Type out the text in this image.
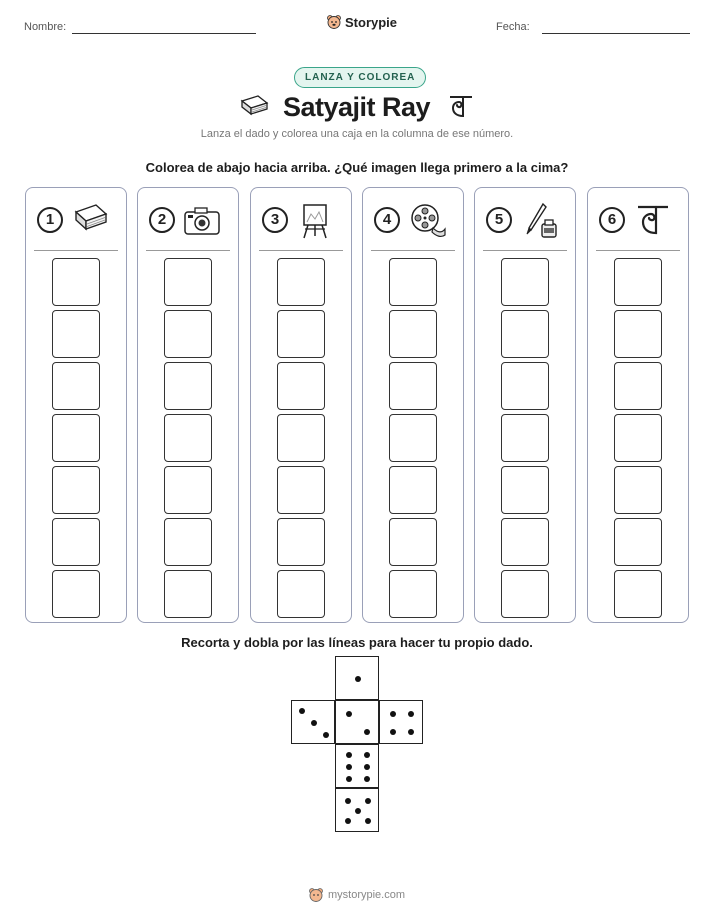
Nombre:	Storypie	Fecha:
LANZA Y COLOREA
Satyajit Ray
Lanza el dado y colorea una caja en la columna de ese número.
Colorea de abajo hacia arriba. ¿Qué imagen llega primero a la cima?
1	2	3	4	5	6
Recorta y dobla por las líneas para hacer tu propio dado.
mystorypie.com
